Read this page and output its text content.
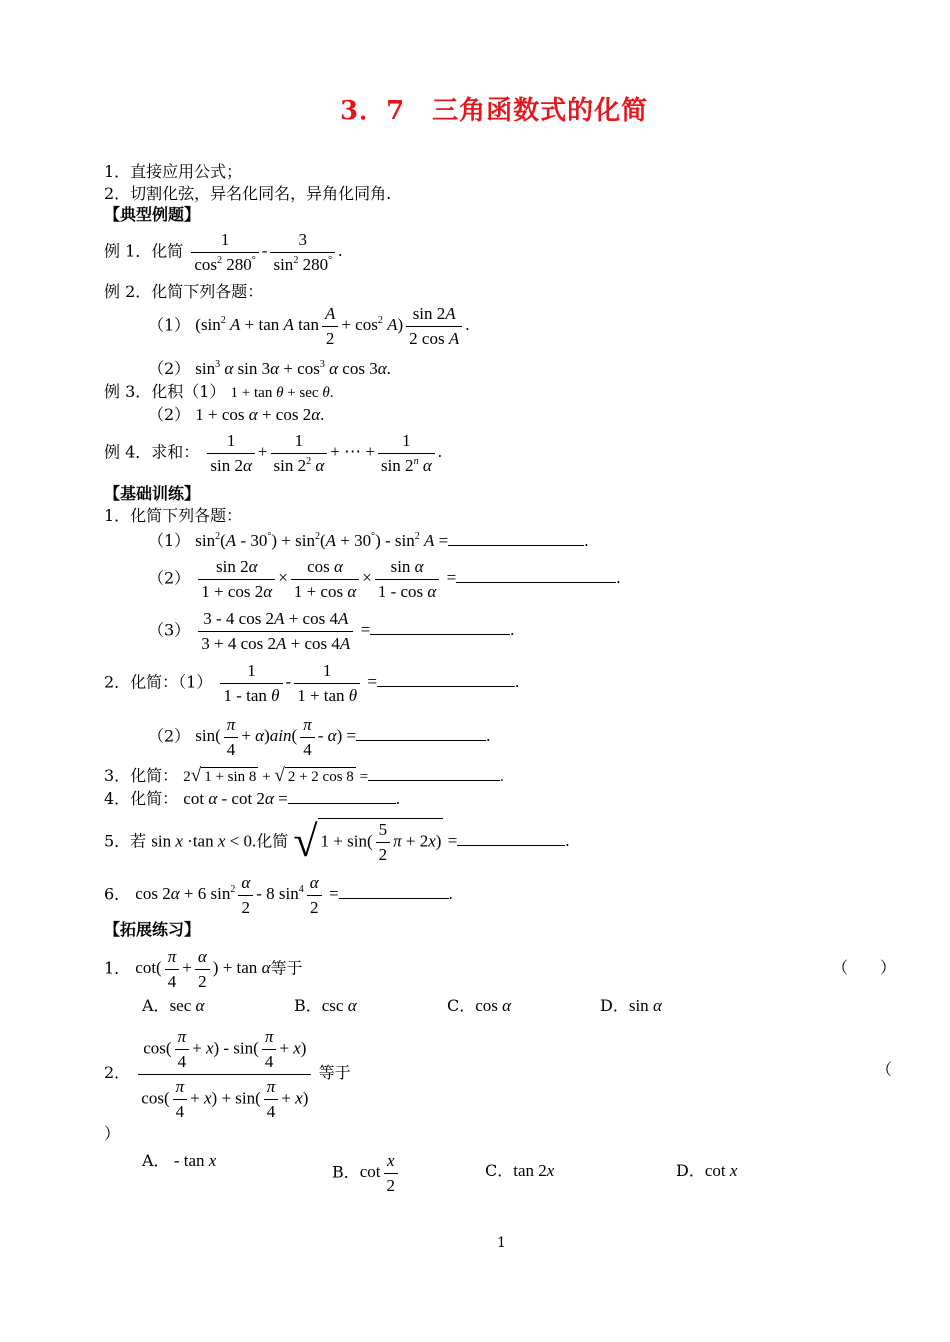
3．7　三角函数式的化简
1．直接应用公式；
2．切割化弦，异名化同名，异角化同角.
【典型例题】
例 1．化简 $\frac{1}{\cos^2 280^\circ} - \frac{3}{\sin^2 280^\circ}$ .
例 2．化简下列各题：
（1） ($\sin^2$ A + tan A $\tan \frac{A}{2} + \cos^2 A) \frac{\sin 2A}{\text{2 cos A}}$ .
（2） $\sin^3 \alpha$ $\sin 3\alpha + \cos^3 \alpha$ cos 3α.
例 3．化积（1） 1 + tan θ + sec θ.
（2） 1 + cos α + cos 2α.
例 4．求和： $\frac{1}{\sin 2\alpha} + \frac{1}{\sin 2^2 \alpha}$ + ⋯ + $\frac{1}{\sin 2^n \alpha}$ .
【基础训练】
1．化简下列各题：
（1） $\sin^2(A - 30^\circ) + \sin^2(A + 30^\circ) - \sin^2 A$ =	.
$(2) \frac{\sin 2\alpha}{1 + \cos 2\alpha} \times \frac{\text{cos α}}{\text{1 + cos α}} \times \frac{\text{sin α}}{\text{1 - cos α}}$ =	.
$(3) \frac{3 - 4 \cos 2A + \cos 4A}{3 + 4 \cos 2A + \cos 4A}$ =	.
2．化简：$(1) \frac{1}{\text{1 - tan θ}} - \frac{1}{\text{1 + tan θ}}$ =	.
（2） $\sin( \frac{\pi}{4} + \alpha)ain( \frac{\pi}{4} - \alpha)$ =	.
3．化简： 2√ 1 + sin 8 + √ 2 + 2 cos 8 =	.
4．化简： cot α - cot 2α =	.
5．若 sin x ·tan x < 0.化简 √ $1 + \sin( \frac{5}{2}$ π + 2x) =	.
6． cos 2α + 6 $\sin^2 \frac{\alpha}{2} - 8$ $\sin^4 \frac{\alpha}{2}$ =	.
【拓展练习】
1． $\cot( \frac{\pi}{4} + \frac{\alpha}{2}$ ) + tan α等于	（　　）
A．sec α	B．csc α	C．cos α	D．sin α
2． $\frac{\cos( \frac{\pi}{4} + x) - \sin( \frac{\pi}{4} + x)}{\cos( \frac{\pi}{4} + x) + \sin( \frac{\pi}{4} + x)}$ 等于	（
）
A． - tan x
B．$\cot \frac{x}{2}$	C．tan 2x	D．cot x
1
